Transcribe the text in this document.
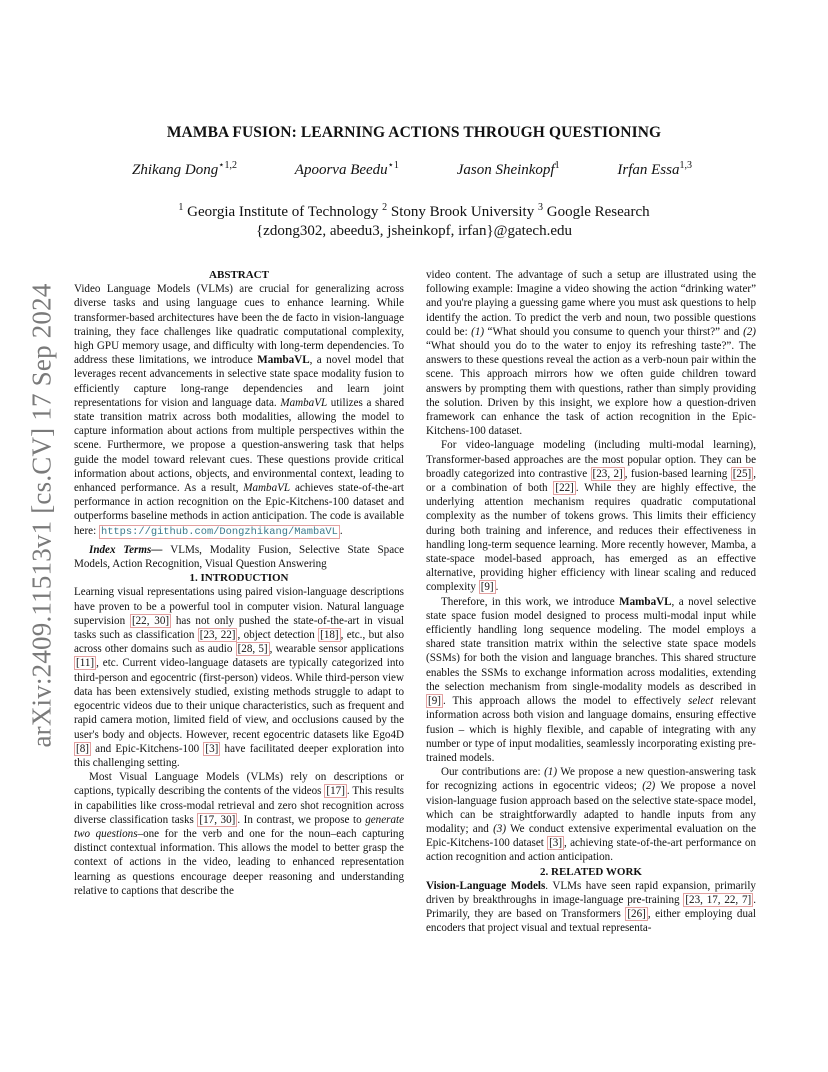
arXiv:2409.11513v1 [cs.CV] 17 Sep 2024
MAMBA FUSION: LEARNING ACTIONS THROUGH QUESTIONING
Zhikang Dong$^{⋆1,2}$	Apoorva Beedu$^{⋆1}$	Jason Sheinkopf$^1$	Irfan Essa$^{1,3}$
$^1$ Georgia Institute of Technology $^2$ Stony Brook University $^3$ Google Research
{zdong302, abeedu3, jsheinkopf, irfan}@gatech.edu

ABSTRACT

Video Language Models (VLMs) are crucial for generalizing across diverse tasks and using language cues to enhance learning. While transformer-based architectures have been the de facto in vision-language training, they face challenges like quadratic computational complexity, high GPU memory usage, and difficulty with long-term dependencies. To address these limitations, we introduce MambaVL, a novel model that leverages recent advancements in selective state space modality fusion to efficiently capture long-range dependencies and learn joint representations for vision and language data. MambaVL utilizes a shared state transition matrix across both modalities, allowing the model to capture information about actions from multiple perspectives within the scene. Furthermore, we propose a question-answering task that helps guide the model toward relevant cues. These questions provide critical information about actions, objects, and environmental context, leading to enhanced performance. As a result, MambaVL achieves state-of-the-art performance in action recognition on the Epic-Kitchens-100 dataset and outperforms baseline methods in action anticipation. The code is available here: https://github.com/Dongzhikang/MambaVL .

Index Terms— VLMs, Modality Fusion, Selective State Space Models, Action Recognition, Visual Question Answering

1. INTRODUCTION

Learning visual representations using paired vision-language descriptions have proven to be a powerful tool in computer vision. Natural language supervision [22, 30] has not only pushed the state-of-the-art in visual tasks such as classification [23, 22] , object detection [18] , etc., but also across other domains such as audio [28, 5] , wearable sensor applications [11] , etc. Current video-language datasets are typically categorized into third-person and egocentric (first-person) videos. While third-person view data has been extensively studied, existing methods struggle to adapt to egocentric videos due to their unique characteristics, such as frequent and rapid camera motion, limited field of view, and occlusions caused by the user's body and objects. However, recent egocentric datasets like Ego4D [8] and Epic-Kitchens-100 [3] have facilitated deeper exploration into this challenging setting.

Most Visual Language Models (VLMs) rely on descriptions or captions, typically describing the contents of the videos [17] . This results in capabilities like cross-modal retrieval and zero shot recognition across diverse classification tasks [17, 30] . In contrast, we propose to generate two questions–one for the verb and one for the noun–each capturing distinct contextual information. This allows the model to better grasp the context of actions in the video, leading to enhanced representation learning as questions encourage deeper reasoning and understanding relative to captions that describe the

video content. The advantage of such a setup are illustrated using the following example: Imagine a video showing the action “drinking water” and you're playing a guessing game where you must ask questions to help identify the action. To predict the verb and noun, two possible questions could be: (1) “What should you consume to quench your thirst?” and (2) “What should you do to the water to enjoy its refreshing taste?”. The answers to these questions reveal the action as a verb-noun pair within the scene. This approach mirrors how we often guide children toward answers by prompting them with questions, rather than simply providing the solution. Driven by this insight, we explore how a question-driven framework can enhance the task of action recognition in the Epic-Kitchens-100 dataset.

For video-language modeling (including multi-modal learning), Transformer-based approaches are the most popular option. They can be broadly categorized into contrastive [23, 2] , fusion-based learning [25] , or a combination of both [22] . While they are highly effective, the underlying attention mechanism requires quadratic computational complexity as the number of tokens grows. This limits their efficiency during both training and inference, and reduces their effectiveness in handling long-term sequence learning. More recently however, Mamba, a state-space model-based approach, has emerged as an effective alternative, providing higher efficiency with linear scaling and reduced complexity [9] .

Therefore, in this work, we introduce MambaVL, a novel selective state space fusion model designed to process multi-modal input while efficiently handling long sequence modeling. The model employs a shared state transition matrix within the selective state space models (SSMs) for both the vision and language branches. This shared structure enables the SSMs to exchange information across modalities, extending the selection mechanism from single-modality models as described in [9] . This approach allows the model to effectively select relevant information across both vision and language domains, ensuring effective fusion – which is highly flexible, and capable of integrating with any number or type of input modalities, seamlessly incorporating existing pre-trained models.

Our contributions are: (1) We propose a new question-answering task for recognizing actions in egocentric videos; (2) We propose a novel vision-language fusion approach based on the selective state-space model, which can be straightforwardly adapted to handle inputs from any modality; and (3) We conduct extensive experimental evaluation on the Epic-Kitchens-100 dataset [3] , achieving state-of-the-art performance on action recognition and action anticipation.

2. RELATED WORK

Vision-Language Models. VLMs have seen rapid expansion, primarily driven by breakthroughs in image-language pre-training [23, 17, 22, 7] . Primarily, they are based on Transformers [26] , either employing dual encoders that project visual and textual representa-
